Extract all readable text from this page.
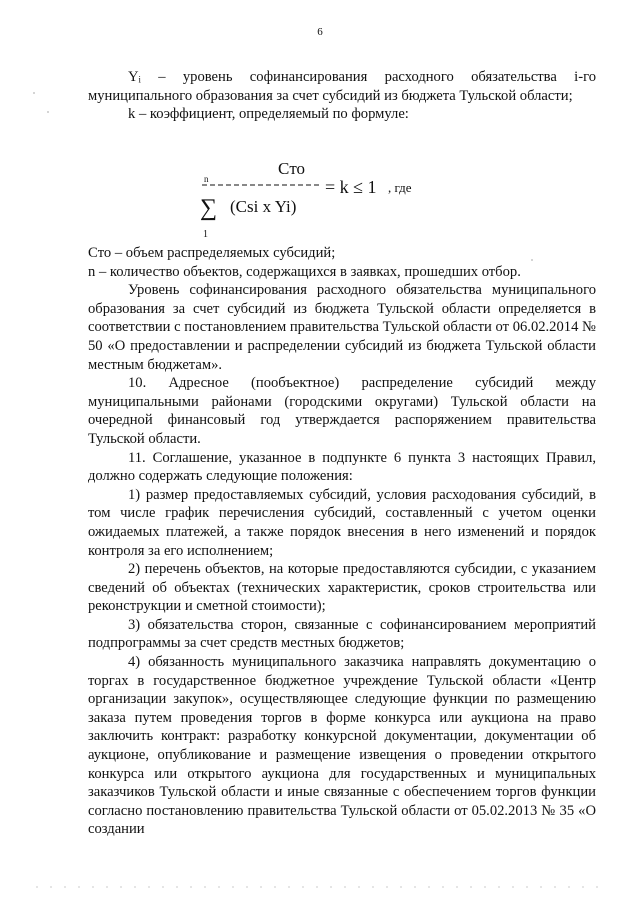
6

Yᵢ – уровень софинансирования расходного обязательства i-го муниципального образования за счет субсидий из бюджета Тульской области;

k – коэффициент, определяемый по формуле:

Cто
n
∑
1
(Csi x Yi)
= k ≤ 1 , где

Cто – объем распределяемых субсидий;

n – количество объектов, содержащихся в заявках, прошедших отбор.

Уровень софинансирования расходного обязательства муниципального образования за счет субсидий из бюджета Тульской области определяется в соответствии с постановлением правительства Тульской области от 06.02.2014 № 50 «О предоставлении и распределении субсидий из бюджета Тульской области местным бюджетам».

10. Адресное (пообъектное) распределение субсидий между муниципальными районами (городскими округами) Тульской области на очередной финансовый год утверждается распоряжением правительства Тульской области.

11. Соглашение, указанное в подпункте 6 пункта 3 настоящих Правил, должно содержать следующие положения:

1) размер предоставляемых субсидий, условия расходования субсидий, в том числе график перечисления субсидий, составленный с учетом оценки ожидаемых платежей, а также порядок внесения в него изменений и порядок контроля за его исполнением;

2) перечень объектов, на которые предоставляются субсидии, с указанием сведений об объектах (технических характеристик, сроков строительства или реконструкции и сметной стоимости);

3) обязательства сторон, связанные с софинансированием мероприятий подпрограммы за счет средств местных бюджетов;

4) обязанность муниципального заказчика направлять документацию о торгах в государственное бюджетное учреждение Тульской области «Центр организации закупок», осуществляющее следующие функции по размещению заказа путем проведения торгов в форме конкурса или аукциона на право заключить контракт: разработку конкурсной документации, документации об аукционе, опубликование и размещение извещения о проведении открытого конкурса или открытого аукциона для государственных и муниципальных заказчиков Тульской области и иные связанные с обеспечением торгов функции согласно постановлению правительства Тульской области от 05.02.2013 № 35 «О создании
